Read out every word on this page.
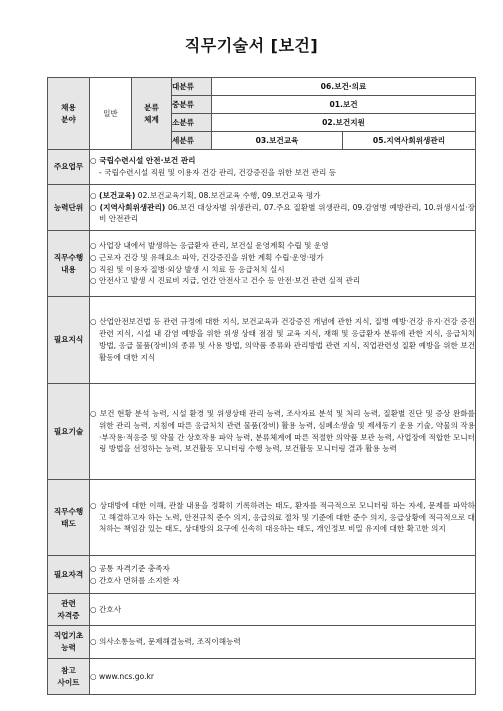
직무기술서 [보건]
채용
분야	일반	분류
체계	대분류	06.보건·의료	
			중분류	01.보건	
			소분류	02.보건지원	
			세분류	03.보건교육	05.지역사회위생관리
주요업무	○ 국립수련시설 안전·보건 관리
- 국립수련시설 직원 및 이용자 건강 관리, 건강증진을 위한 보건 관리 등				

능력단위	○ (보건교육) 02.보건교육기획, 08.보건교육 수행, 09.보건교육 평가
○ (지역사회위생관리) 06.보건 대상자별 위생관리, 07.주요 질환별 위생관리, 09.감염병 예방관리, 10.위생시설·장비 안전관리				

직무수행
내용	○ 사업장 내에서 발생하는 응급환자 관리, 보건실 운영계획 수립 및 운영
○ 근로자 건강 및 유해요소 파악, 건강증진을 위한 계획 수립·운영·평가
○ 직원 및 이용자 질병·외상 발생 시 치료 등 응급처치 실시
○ 안전사고 발생 시 진료비 지급, 연간 안전사고 건수 등 안전·보건 관련 실적 관리				

필요지식	○ 산업안전보건법 등 관련 규정에 대한 지식, 보건교육과 건강증진 개념에 관한 지식, 질병 예방·건강 유지·건강 증진 관련 지식, 시설 내 감염 예방을 위한 위생 상태 점검 및 교육 지식, 재해 및 응급환자 분류에 관한 지식, 응급처치 방법, 응급 물품(장비)의 종류 및 사용 방법, 의약품 종류와 관리방법 관련 지식, 직업관련성 질환 예방을 위한 보건활동에 대한 지식				

필요기술	○ 보건 현황 분석 능력, 시설 환경 및 위생상태 관리 능력, 조사자료 분석 및 처리 능력, 질환별 진단 및 증상 완화를 위한 관리 능력, 지침에 따른 응급처치 관련 물품(장비) 활용 능력, 심폐소생술 및 제세동기 운용 기술, 약물의 작용·부작용·적응증 및 약물 간 상호작용 파악 능력, 분류체계에 따른 적절한 의약품 보관 능력, 사업장에 적합한 모니터링 방법을 선정하는 능력, 보건활동 모니터링 수행 능력, 보건활동 모니터링 결과 활용 능력				

직무수행
태도	○ 상대방에 대한 이해, 관찰 내용을 정확히 기록하려는 태도, 환자를 적극적으로 모니터링 하는 자세, 문제를 파악하고 해결하고자 하는 노력, 안전규칙 준수 의지, 응급의료 절차 및 기준에 대한 준수 의지, 응급상황에 적극적으로 대처하는 책임감 있는 태도, 상대방의 요구에 신속히 대응하는 태도, 개인정보 비밀 유지에 대한 확고한 의지				

필요자격	○ 공통 자격기준 충족자
○ 간호사 면허를 소지한 자				

관련
자격증	○ 간호사				
직업기초
능력	○ 의사소통능력, 문제해결능력, 조직이해능력				
참고
사이트	○ www.ncs.go.kr				
